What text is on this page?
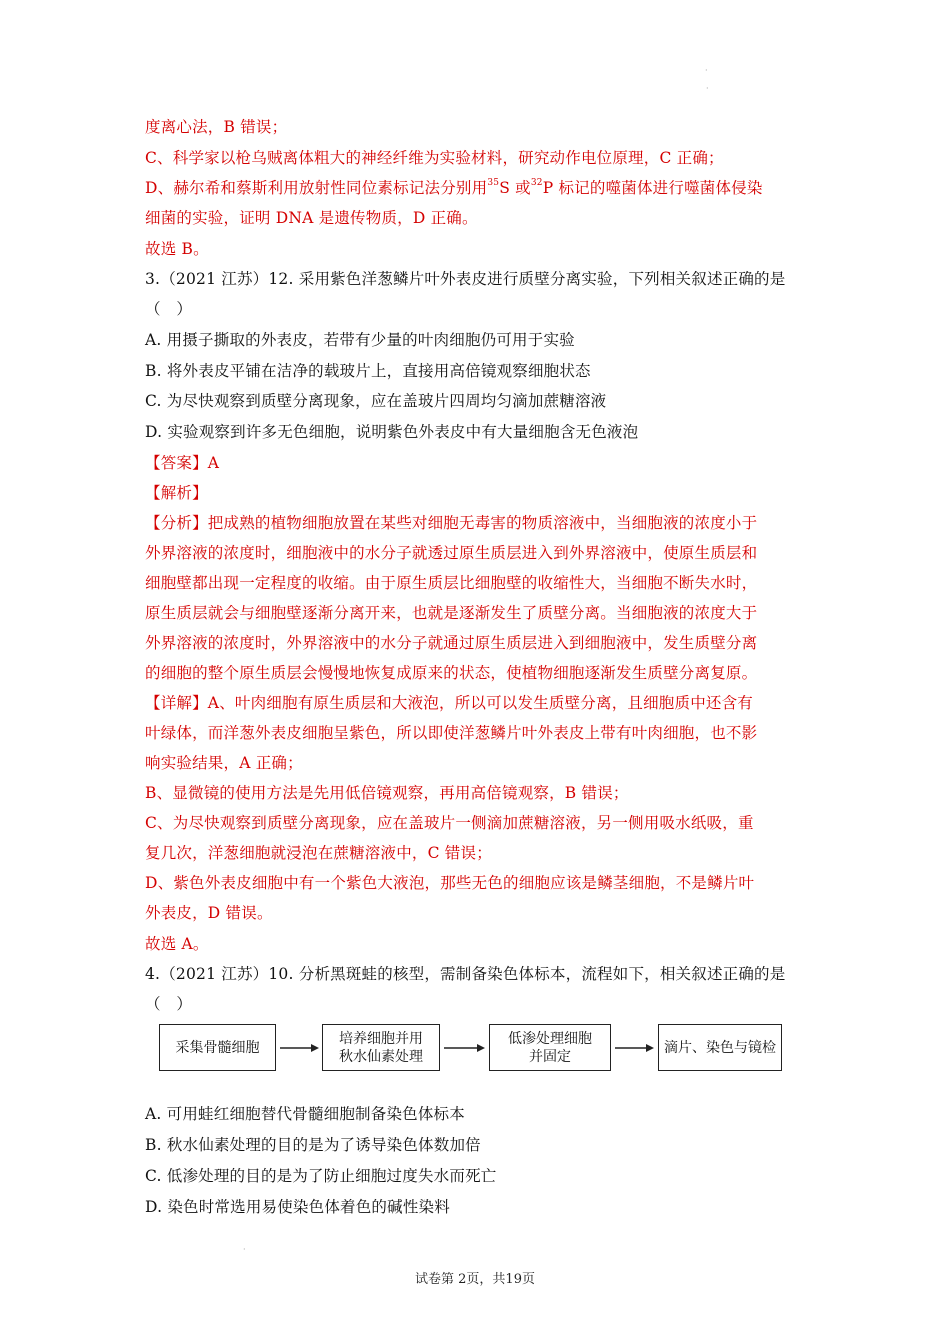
·
·
度离心法，B 错误；
C、科学家以枪乌贼离体粗大的神经纤维为实验材料，研究动作电位原理，C 正确；
D、赫尔希和蔡斯利用放射性同位素标记法分别用$^{35}$S 或$^{32}$P 标记的噬菌体进行噬菌体侵染
细菌的实验，证明 DNA 是遗传物质，D 正确。
故选 B。
3.（2021 江苏）12. 采用紫色洋葱鳞片叶外表皮进行质壁分离实验，下列相关叙述正确的是
（　）
A. 用摄子撕取的外表皮，若带有少量的叶肉细胞仍可用于实验
B. 将外表皮平铺在洁净的载玻片上，直接用高倍镜观察细胞状态
C. 为尽快观察到质壁分离现象，应在盖玻片四周均匀滴加蔗糖溶液
D. 实验观察到许多无色细胞，说明紫色外表皮中有大量细胞含无色液泡
【答案】A
【解析】
【分析】把成熟的植物细胞放置在某些对细胞无毒害的物质溶液中，当细胞液的浓度小于
外界溶液的浓度时，细胞液中的水分子就透过原生质层进入到外界溶液中，使原生质层和
细胞壁都出现一定程度的收缩。由于原生质层比细胞壁的收缩性大，当细胞不断失水时，
原生质层就会与细胞壁逐渐分离开来，也就是逐渐发生了质壁分离。当细胞液的浓度大于
外界溶液的浓度时，外界溶液中的水分子就通过原生质层进入到细胞液中，发生质壁分离
的细胞的整个原生质层会慢慢地恢复成原来的状态，使植物细胞逐渐发生质壁分离复原。
【详解】A、叶肉细胞有原生质层和大液泡，所以可以发生质壁分离，且细胞质中还含有
叶绿体，而洋葱外表皮细胞呈紫色，所以即使洋葱鳞片叶外表皮上带有叶肉细胞，也不影
响实验结果，A 正确；
B、显微镜的使用方法是先用低倍镜观察，再用高倍镜观察，B 错误；
C、为尽快观察到质壁分离现象，应在盖玻片一侧滴加蔗糖溶液，另一侧用吸水纸吸，重
复几次，洋葱细胞就浸泡在蔗糖溶液中，C 错误；
D、紫色外表皮细胞中有一个紫色大液泡，那些无色的细胞应该是鳞茎细胞，不是鳞片叶
外表皮，D 错误。
故选 A。
4.（2021 江苏）10. 分析黑斑蛙的核型，需制备染色体标本，流程如下，相关叙述正确的是
（　）
采集骨髓细胞
培养细胞并用
秋水仙素处理
低渗处理细胞
并固定
滴片、染色与镜检
A. 可用蛙红细胞替代骨髓细胞制备染色体标本
B. 秋水仙素处理的目的是为了诱导染色体数加倍
C. 低渗处理的目的是为了防止细胞过度失水而死亡
D. 染色时常选用易使染色体着色的碱性染料
·
试卷第 2页，共19页
